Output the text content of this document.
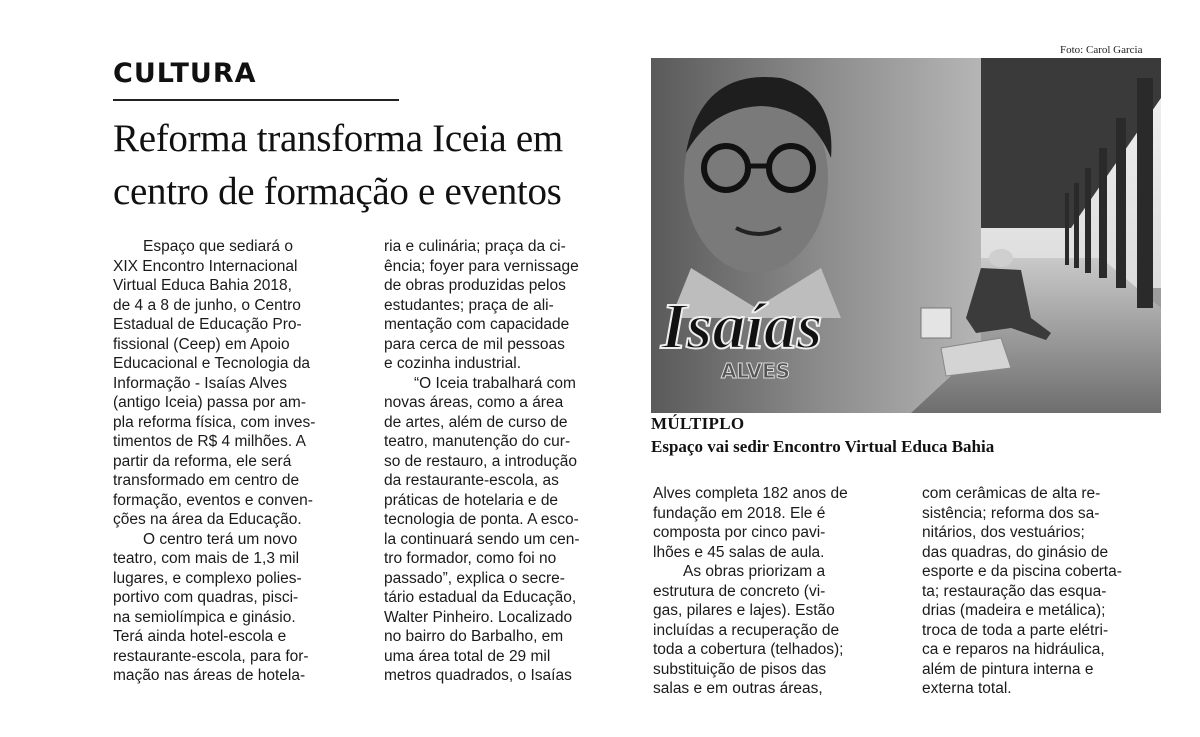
CULTURA
Reforma transforma Iceia em
centro de formação e eventos
Foto: Carol Garcia
Isaías
ALVES
MÚLTIPLO
Espaço vai sedir Encontro Virtual Educa Bahia
Espaço que sediará o
XIX Encontro Internacional
Virtual Educa Bahia 2018,
de 4 a 8 de junho, o Centro
Estadual de Educação Pro-
fissional (Ceep) em Apoio
Educacional e Tecnologia da
Informação - Isaías Alves
(antigo Iceia) passa por am-
pla reforma física, com inves-
timentos de R$ 4 milhões. A
partir da reforma, ele será
transformado em centro de
formação, eventos e conven-
ções na área da Educação.
O centro terá um novo
teatro, com mais de 1,3 mil
lugares, e complexo polies-
portivo com quadras, pisci-
na semiolímpica e ginásio.
Terá ainda hotel-escola e
restaurante-escola, para for-
mação nas áreas de hotela-
ria e culinária; praça da ci-
ência; foyer para vernissage
de obras produzidas pelos
estudantes; praça de ali-
mentação com capacidade
para cerca de mil pessoas
e cozinha industrial.
“O Iceia trabalhará com
novas áreas, como a área
de artes, além de curso de
teatro, manutenção do cur-
so de restauro, a introdução
da restaurante-escola, as
práticas de hotelaria e de
tecnologia de ponta. A esco-
la continuará sendo um cen-
tro formador, como foi no
passado”, explica o secre-
tário estadual da Educação,
Walter Pinheiro. Localizado
no bairro do Barbalho, em
uma área total de 29 mil
metros quadrados, o Isaías
Alves completa 182 anos de
fundação em 2018. Ele é
composta por cinco pavi-
lhões e 45 salas de aula.
As obras priorizam a
estrutura de concreto (vi-
gas, pilares e lajes). Estão
incluídas a recuperação de
toda a cobertura (telhados);
substituição de pisos das
salas e em outras áreas,
com cerâmicas de alta re-
sistência; reforma dos sa-
nitários, dos vestuários;
das quadras, do ginásio de
esporte e da piscina coberta-
ta; restauração das esqua-
drias (madeira e metálica);
troca de toda a parte elétri-
ca e reparos na hidráulica,
além de pintura interna e
externa total.
